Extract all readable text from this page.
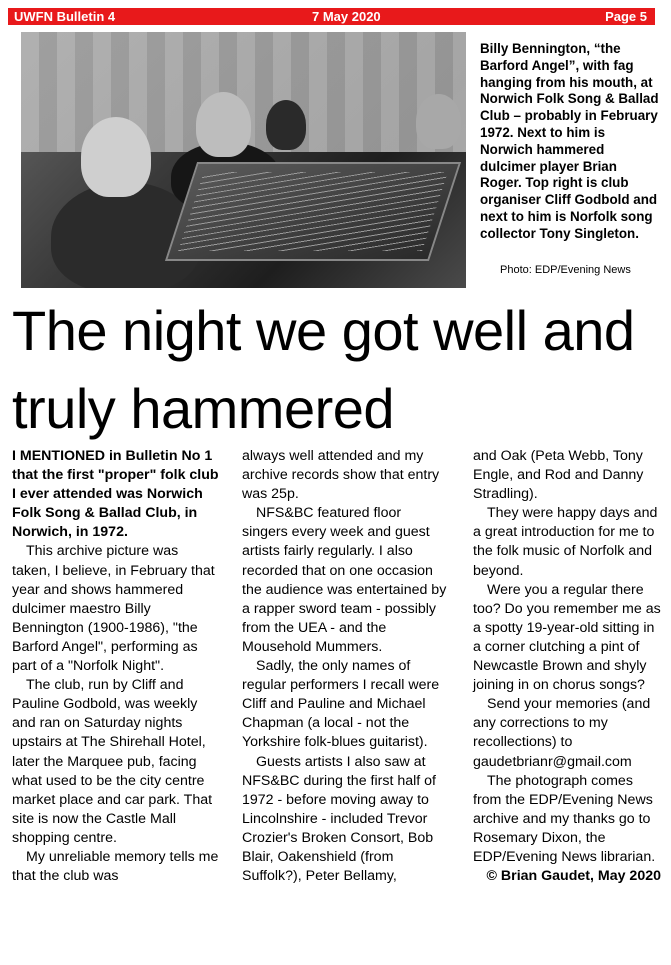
UWFN Bulletin 4	7 May 2020	Page 5
Billy Bennington, “the Barford Angel”, with fag hanging from his mouth, at Norwich Folk Song & Ballad Club – probably in February 1972. Next to him is Norwich hammered dulcimer player Brian Roger. Top right is club organiser Cliff Godbold and next to him is Norfolk song collector Tony Singleton.
Photo: EDP/Evening News
The night we got well and truly hammered

I MENTIONED in Bulletin No 1 that the first "proper" folk club I ever attended was Norwich Folk Song & Ballad Club, in Norwich, in 1972.

This archive picture was taken, I believe, in February that year and shows hammered dulcimer maestro Billy Bennington (1900-1986), "the Barford Angel", performing as part of a "Norfolk Night".

The club, run by Cliff and Pauline Godbold, was weekly and ran on Saturday nights upstairs at The Shirehall Hotel, later the Marquee pub, facing what used to be the city centre market place and car park. That site is now the Castle Mall shopping centre.

My unreliable memory tells me that the club was

always well attended and my archive records show that entry was 25p.

NFS&BC featured floor singers every week and guest artists fairly regularly. I also recorded that on one occasion the audience was entertained by a rapper sword team - possibly from the UEA - and the Mousehold Mummers.

Sadly, the only names of regular performers I recall were Cliff and Pauline and Michael Chapman (a local - not the Yorkshire folk-blues guitarist).

Guests artists I also saw at NFS&BC during the first half of 1972 - before moving away to Lincolnshire - included Trevor Crozier's Broken Consort, Bob Blair, Oakenshield (from Suffolk?), Peter Bellamy,

and Oak (Peta Webb, Tony Engle, and Rod and Danny Stradling).

They were happy days and a great introduction for me to the folk music of Norfolk and beyond.

Were you a regular there too? Do you remember me as a spotty 19-year-old sitting in a corner clutching a pint of Newcastle Brown and shyly joining in on chorus songs?

Send your memories (and any corrections to my recollections) to gaudetbrianr@gmail.com

The photograph comes from the EDP/Evening News archive and my thanks go to Rosemary Dixon, the EDP/Evening News librarian.

© Brian Gaudet, May 2020
